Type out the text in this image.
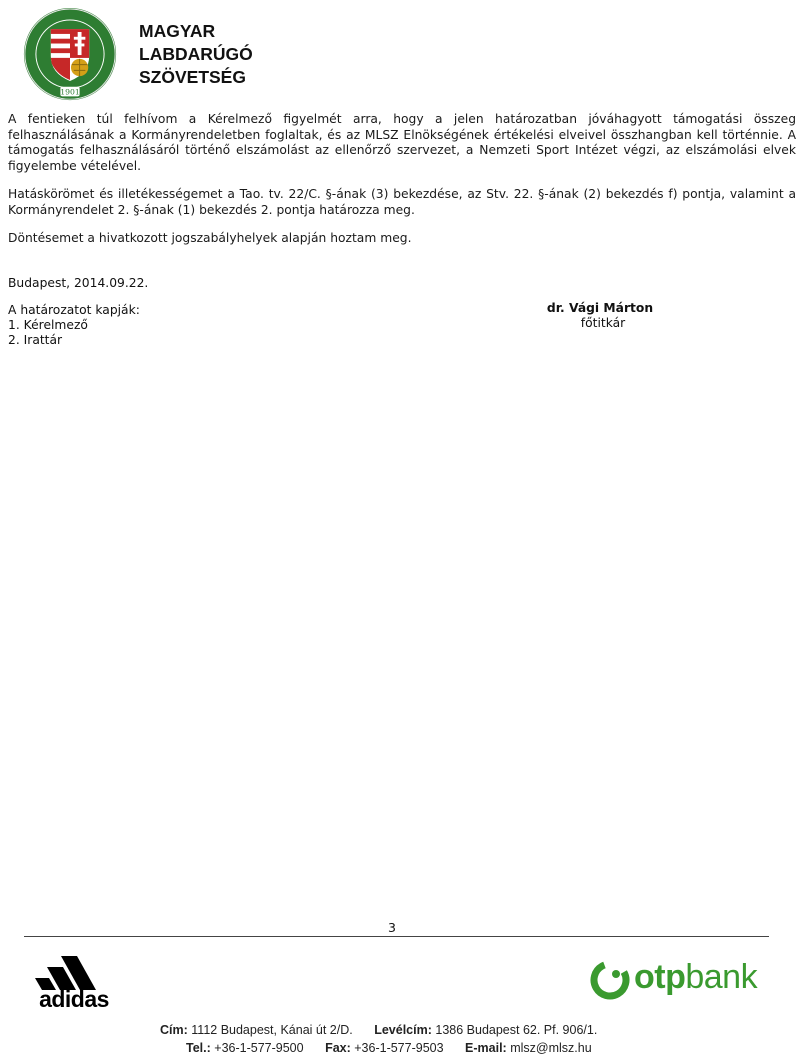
1901
MAGYAR
LABDARÚGÓ
SZÖVETSÉG

A fentieken túl felhívom a Kérelmező figyelmét arra, hogy a jelen határozatban jóváhagyott támogatási összeg felhasználásának a Kormányrendeletben foglaltak, és az MLSZ Elnökségének értékelési elveivel összhangban kell történnie. A támogatás felhasználásáról történő elszámolást az ellenőrző szervezet, a Nemzeti Sport Intézet végzi, az elszámolási elvek figyelembe vételével.

Hatáskörömet és illetékességemet a Tao. tv. 22/C. §-ának (3) bekezdése, az Stv. 22. §-ának (2) bekezdés f) pontja, valamint a Kormányrendelet 2. §-ának (1) bekezdés 2. pontja határozza meg.

Döntésemet a hivatkozott jogszabályhelyek alapján hoztam meg.

Budapest, 2014.09.22.
A határozatot kapják:
1. Kérelmező
2. Irattár
dr. Vági Márton
főtitkár
3
adidas
otpbank
Cím: 1112 Budapest, Kánai út 2/D. Levélcím: 1386 Budapest 62. Pf. 906/1.
Tel.: +36-1-577-9500 Fax: +36-1-577-9503 E-mail: mlsz@mlsz.hu
